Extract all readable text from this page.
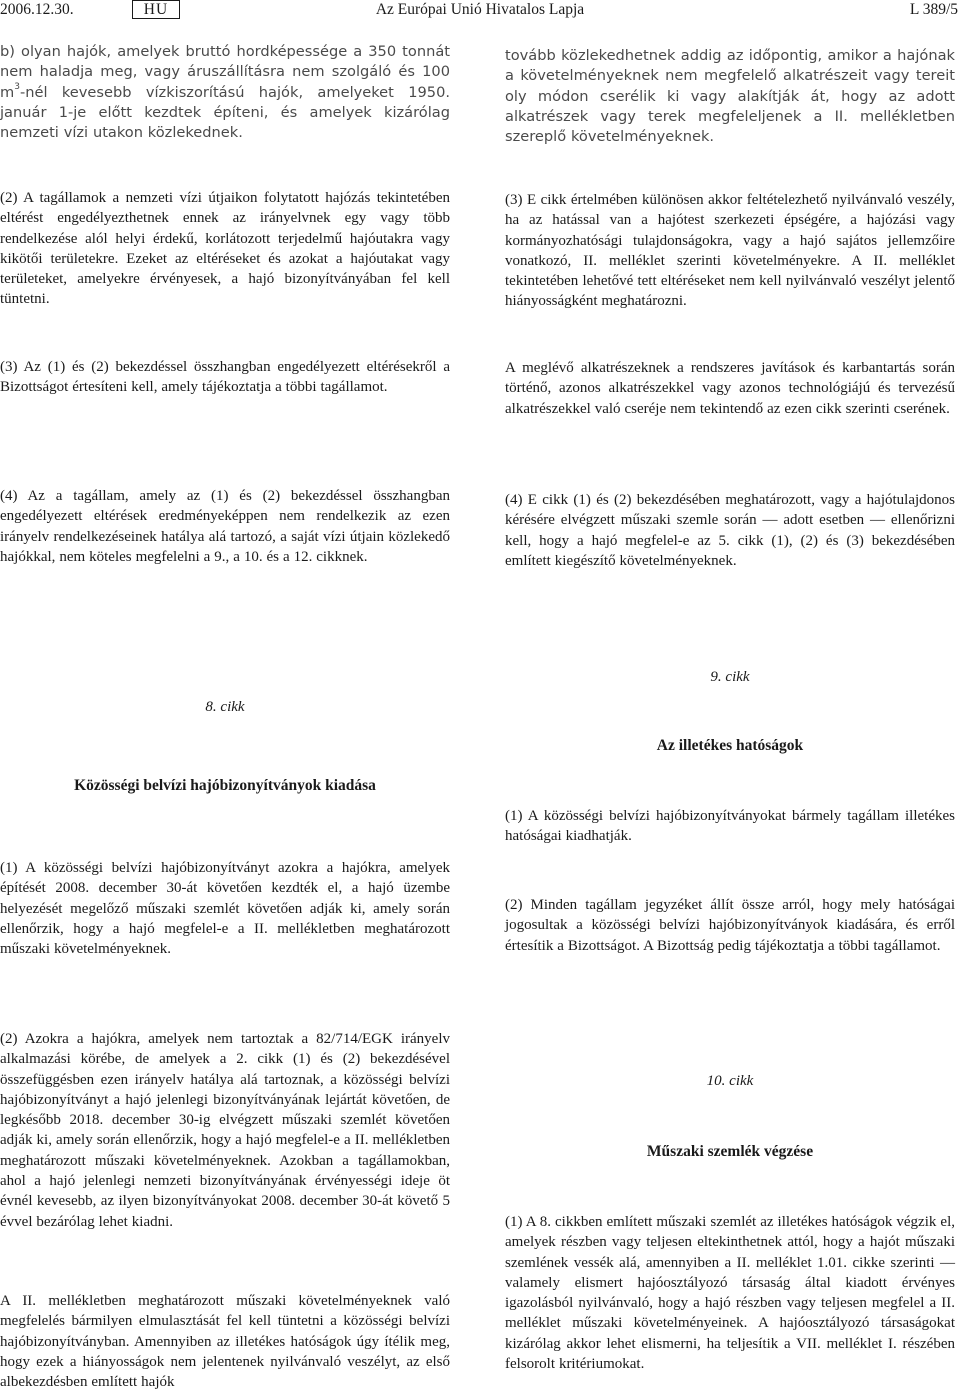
Az Európai Unió Hivatalos Lapja
2006.12.30.	HU	L 389/5

b) olyan hajók, amelyek bruttó hordképessége a 350 tonnát nem haladja meg, vagy áruszállításra nem szolgáló és 100 $m^3$-nél kevesebb vízkiszorítású hajók, amelyeket 1950. január 1-je előtt kezdtek építeni, és amelyek kizárólag nemzeti vízi utakon közlekednek.

(2) A tagállamok a nemzeti vízi útjaikon folytatott hajózás tekintetében eltérést engedélyezthetnek ennek az irányelvnek egy vagy több rendelkezése alól helyi érdekű, korlátozott terjedelmű hajóutakra vagy kikötői területekre. Ezeket az eltéréseket és azokat a hajóutakat vagy területeket, amelyekre érvényesek, a hajó bizonyítványában fel kell tüntetni.

(3) Az (1) és (2) bekezdéssel összhangban engedélyezett eltérésekről a Bizottságot értesíteni kell, amely tájékoztatja a többi tagállamot.

(4) Az a tagállam, amely az (1) és (2) bekezdéssel összhangban engedélyezett eltérések eredményeképpen nem rendelkezik az ezen irányelv rendelkezéseinek hatálya alá tartozó, a saját vízi útjain közlekedő hajókkal, nem köteles megfelelni a 9., a 10. és a 12. cikknek.

8. cikk
Közösségi belvízi hajóbizonyítványok kiadása

(1) A közösségi belvízi hajóbizonyítványt azokra a hajókra, amelyek építését 2008. december 30-át követően kezdték el, a hajó üzembe helyezését megelőző műszaki szemlét követően adják ki, amely során ellenőrzik, hogy a hajó megfelel-e a II. mellékletben meghatározott műszaki követelményeknek.

(2) Azokra a hajókra, amelyek nem tartoztak a 82/714/EGK irányelv alkalmazási körébe, de amelyek a 2. cikk (1) és (2) bekezdésével összefüggésben ezen irányelv hatálya alá tartoznak, a közösségi belvízi hajóbizonyítványt a hajó jelenlegi bizonyítványának lejártát követően, de legkésőbb 2018. december 30-ig elvégzett műszaki szemlét követően adják ki, amely során ellenőrzik, hogy a hajó megfelel-e a II. mellékletben meghatározott műszaki követelményeknek. Azokban a tagállamokban, ahol a hajó jelenlegi nemzeti bizonyítványának érvényességi ideje öt évnél kevesebb, az ilyen bizonyítványokat 2008. december 30-át követő 5 évvel bezárólag lehet kiadni.

A II. mellékletben meghatározott műszaki követelményeknek való megfelelés bármilyen elmulasztását fel kell tüntetni a közösségi belvízi hajóbizonyítványban. Amennyiben az illetékes hatóságok úgy ítélik meg, hogy ezek a hiányosságok nem jelentenek nyilvánvaló veszélyt, az első albekezdésben említett hajók

tovább közlekedhetnek addig az időpontig, amikor a hajónak a követelményeknek nem megfelelő alkatrészeit vagy tereit oly módon cserélik ki vagy alakítják át, hogy az adott alkatrészek vagy terek megfeleljenek a II. mellékletben szereplő követelményeknek.

(3) E cikk értelmében különösen akkor feltételezhető nyilvánvaló veszély, ha az hatással van a hajótest szerkezeti épségére, a hajózási vagy kormányozhatósági tulajdonságokra, vagy a hajó sajátos jellemzőire vonatkozó, II. melléklet szerinti követelményekre. A II. melléklet tekintetében lehetővé tett eltéréseket nem kell nyilvánvaló veszélyt jelentő hiányosságként meghatározni.

A meglévő alkatrészeknek a rendszeres javítások és karbantartás során történő, azonos alkatrészekkel vagy azonos technológiájú és tervezésű alkatrészekkel való cseréje nem tekintendő az ezen cikk szerinti cserének.

(4) E cikk (1) és (2) bekezdésében meghatározott, vagy a hajótulajdonos kérésére elvégzett műszaki szemle során — adott esetben — ellenőrizni kell, hogy a hajó megfelel-e az 5. cikk (1), (2) és (3) bekezdésében említett kiegészítő követelményeknek.

9. cikk
Az illetékes hatóságok

(1) A közösségi belvízi hajóbizonyítványokat bármely tagállam illetékes hatóságai kiadhatják.

(2) Minden tagállam jegyzéket állít össze arról, hogy mely hatóságai jogosultak a közösségi belvízi hajóbizonyítványok kiadására, és erről értesítik a Bizottságot. A Bizottság pedig tájékoztatja a többi tagállamot.

10. cikk
Műszaki szemlék végzése

(1) A 8. cikkben említett műszaki szemlét az illetékes hatóságok végzik el, amelyek részben vagy teljesen eltekinthetnek attól, hogy a hajót műszaki szemlének vessék alá, amennyiben a II. melléklet 1.01. cikke szerinti — valamely elismert hajóosztályozó társaság által kiadott érvényes igazolásból nyilvánvaló, hogy a hajó részben vagy teljesen megfelel a II. melléklet műszaki követelményeinek. A hajóosztályozó társaságokat kizárólag akkor lehet elismerni, ha teljesítik a VII. melléklet I. részében felsorolt kritériumokat.
